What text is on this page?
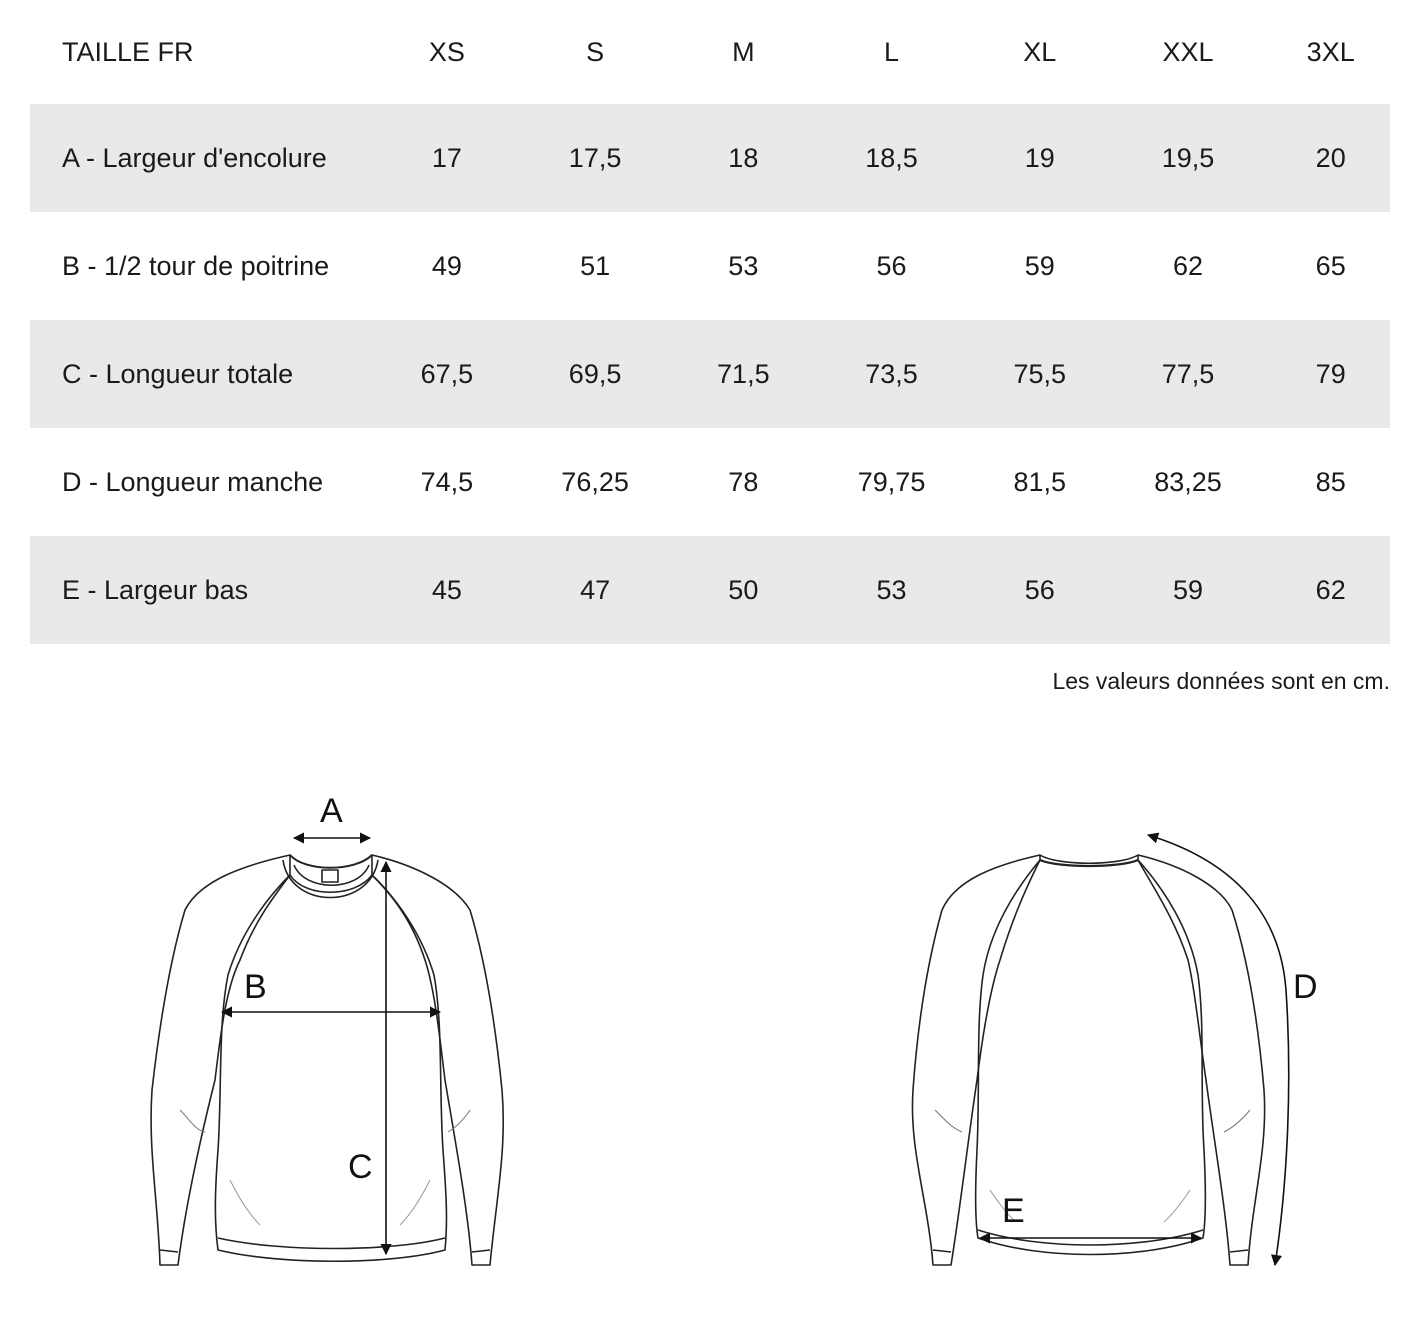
TAILLE FR	XS	S	M	L	XL	XXL	3XL
A - Largeur d'encolure	17	17,5	18	18,5	19	19,5	20
B - 1/2 tour de poitrine	49	51	53	56	59	62	65
C - Longueur totale	67,5	69,5	71,5	73,5	75,5	77,5	79
D - Longueur manche	74,5	76,25	78	79,75	81,5	83,25	85
E - Largeur bas	45	47	50	53	56	59	62
Les valeurs données sont en cm.
A
B
C
D
E
